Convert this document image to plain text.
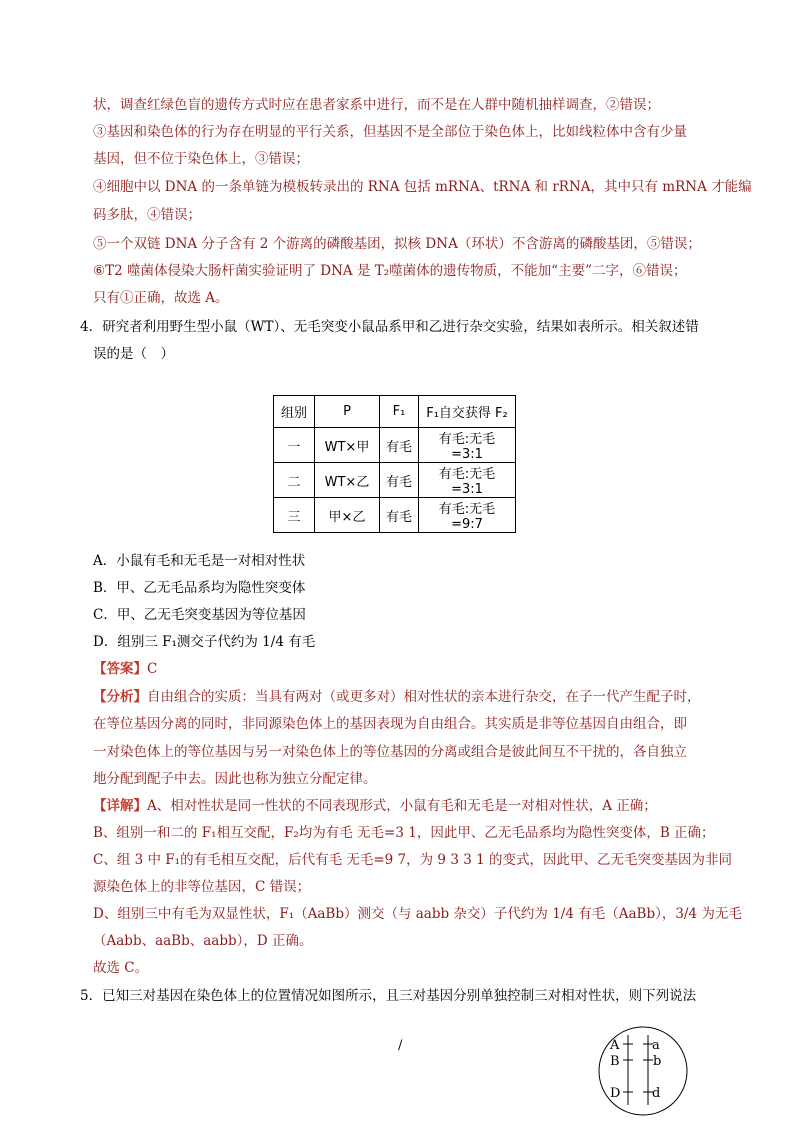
状，调查红绿色盲的遗传方式时应在患者家系中进行，而不是在人群中随机抽样调查，②错误；
③基因和染色体的行为存在明显的平行关系，但基因不是全部位于染色体上，比如线粒体中含有少量
基因，但不位于染色体上，③错误；
④细胞中以 DNA 的一条单链为模板转录出的 RNA 包括 mRNA、tRNA 和 rRNA，其中只有 mRNA 才能编
码多肽，④错误；
⑤一个双链 DNA 分子含有 2 个游离的磷酸基团，拟核 DNA（环状）不含游离的磷酸基团，⑤错误；
⑥T2 噬菌体侵染大肠杆菌实验证明了 DNA 是 T₂噬菌体的遗传物质，不能加“主要”二字，⑥错误；
只有①正确，故选 A。
4．研究者利用野生型小鼠（WT）、无毛突变小鼠品系甲和乙进行杂交实验，结果如表所示。相关叙述错
误的是（　）
组别	P	F₁	F₁自交获得 F₂
一	WT×甲	有毛	有毛:无毛=3:1
二	WT×乙	有毛	有毛:无毛=3:1
三	甲×乙	有毛	有毛:无毛=9:7
A．小鼠有毛和无毛是一对相对性状
B．甲、乙无毛品系均为隐性突变体
C．甲、乙无毛突变基因为等位基因
D．组别三 F₁测交子代约为 1/4 有毛
【答案】C
【分析】自由组合的实质：当具有两对（或更多对）相对性状的亲本进行杂交，在子一代产生配子时，
在等位基因分离的同时，非同源染色体上的基因表现为自由组合。其实质是非等位基因自由组合，即
一对染色体上的等位基因与另一对染色体上的等位基因的分离或组合是彼此间互不干扰的，各自独立
地分配到配子中去。因此也称为独立分配定律。
【详解】A、相对性状是同一性状的不同表现形式，小鼠有毛和无毛是一对相对性状，A 正确；
B、组别一和二的 F₁相互交配，F₂均为有毛 无毛=3 1，因此甲、乙无毛品系均为隐性突变体，B 正确；
C、组 3 中 F₁的有毛相互交配，后代有毛 无毛=9 7，为 9 3 3 1 的变式，因此甲、乙无毛突变基因为非同
源染色体上的非等位基因，C 错误；
D、组别三中有毛为双显性状，F₁（AaBb）测交（与 aabb 杂交）子代约为 1/4 有毛（AaBb），3/4 为无毛
（Aabb、aaBb、aabb），D 正确。
故选 C。
5．已知三对基因在染色体上的位置情况如图所示，且三对基因分别单独控制三对相对性状，则下列说法
/	A	a
B	b
D d
